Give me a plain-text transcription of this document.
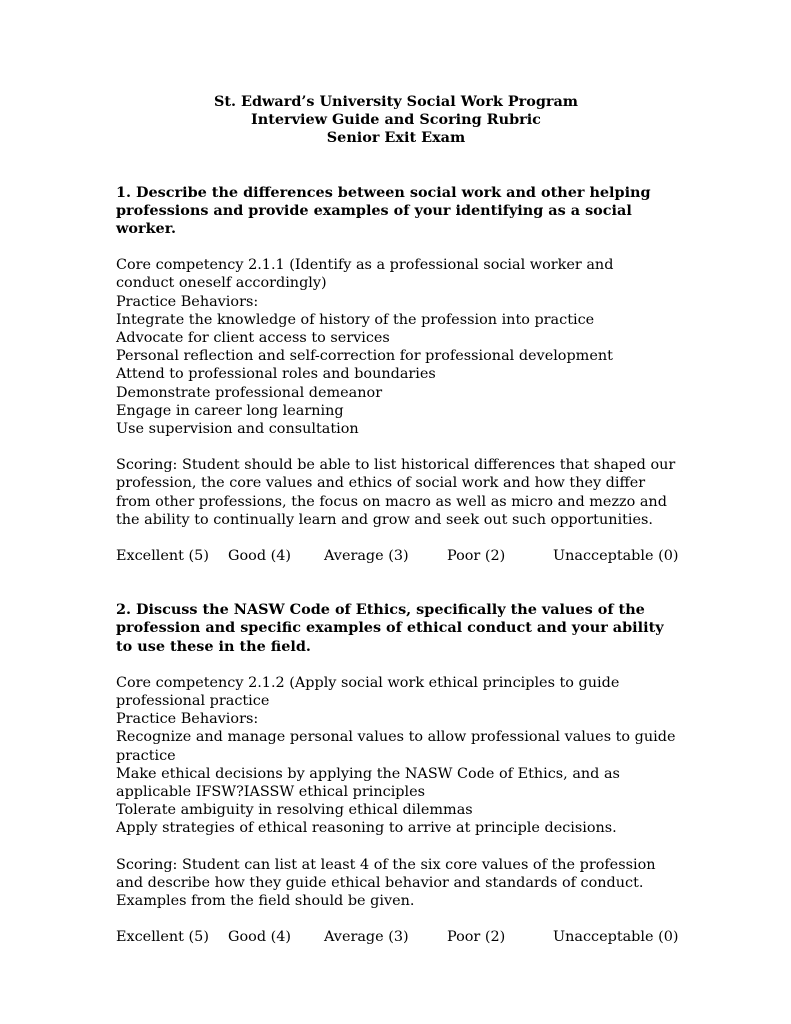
St. Edward’s University Social Work Program
Interview Guide and Scoring Rubric
Senior Exit Exam
1. Describe the differences between social work and other helping professions and provide examples of your identifying as a social worker.
Core competency 2.1.1 (Identify as a professional social worker and conduct oneself accordingly)
Practice Behaviors:
Integrate the knowledge of history of the profession into practice
Advocate for client access to services
Personal reflection and self-correction for professional development
Attend to professional roles and boundaries
Demonstrate professional demeanor
Engage in career long learning
Use supervision and consultation
Scoring: Student should be able to list historical differences that shaped our profession, the core values and ethics of social work and how they differ from other professions, the focus on macro as well as micro and mezzo and the ability to continually learn and grow and seek out such opportunities.
Excellent (5) Good (4) Average (3)	Poor (2)	Unacceptable (0)
2. Discuss the NASW Code of Ethics, specifically the values of the profession and specific examples of ethical conduct and your ability to use these in the field.
Core competency 2.1.2 (Apply social work ethical principles to guide professional practice
Practice Behaviors:
Recognize and manage personal values to allow professional values to guide practice
Make ethical decisions by applying the NASW Code of Ethics, and as applicable IFSW?IASSW ethical principles
Tolerate ambiguity in resolving ethical dilemmas
Apply strategies of ethical reasoning to arrive at principle decisions.
Scoring: Student can list at least 4 of the six core values of the profession and describe how they guide ethical behavior and standards of conduct. Examples from the field should be given.
Excellent (5) Good (4) Average (3)	Poor (2)	Unacceptable (0)
